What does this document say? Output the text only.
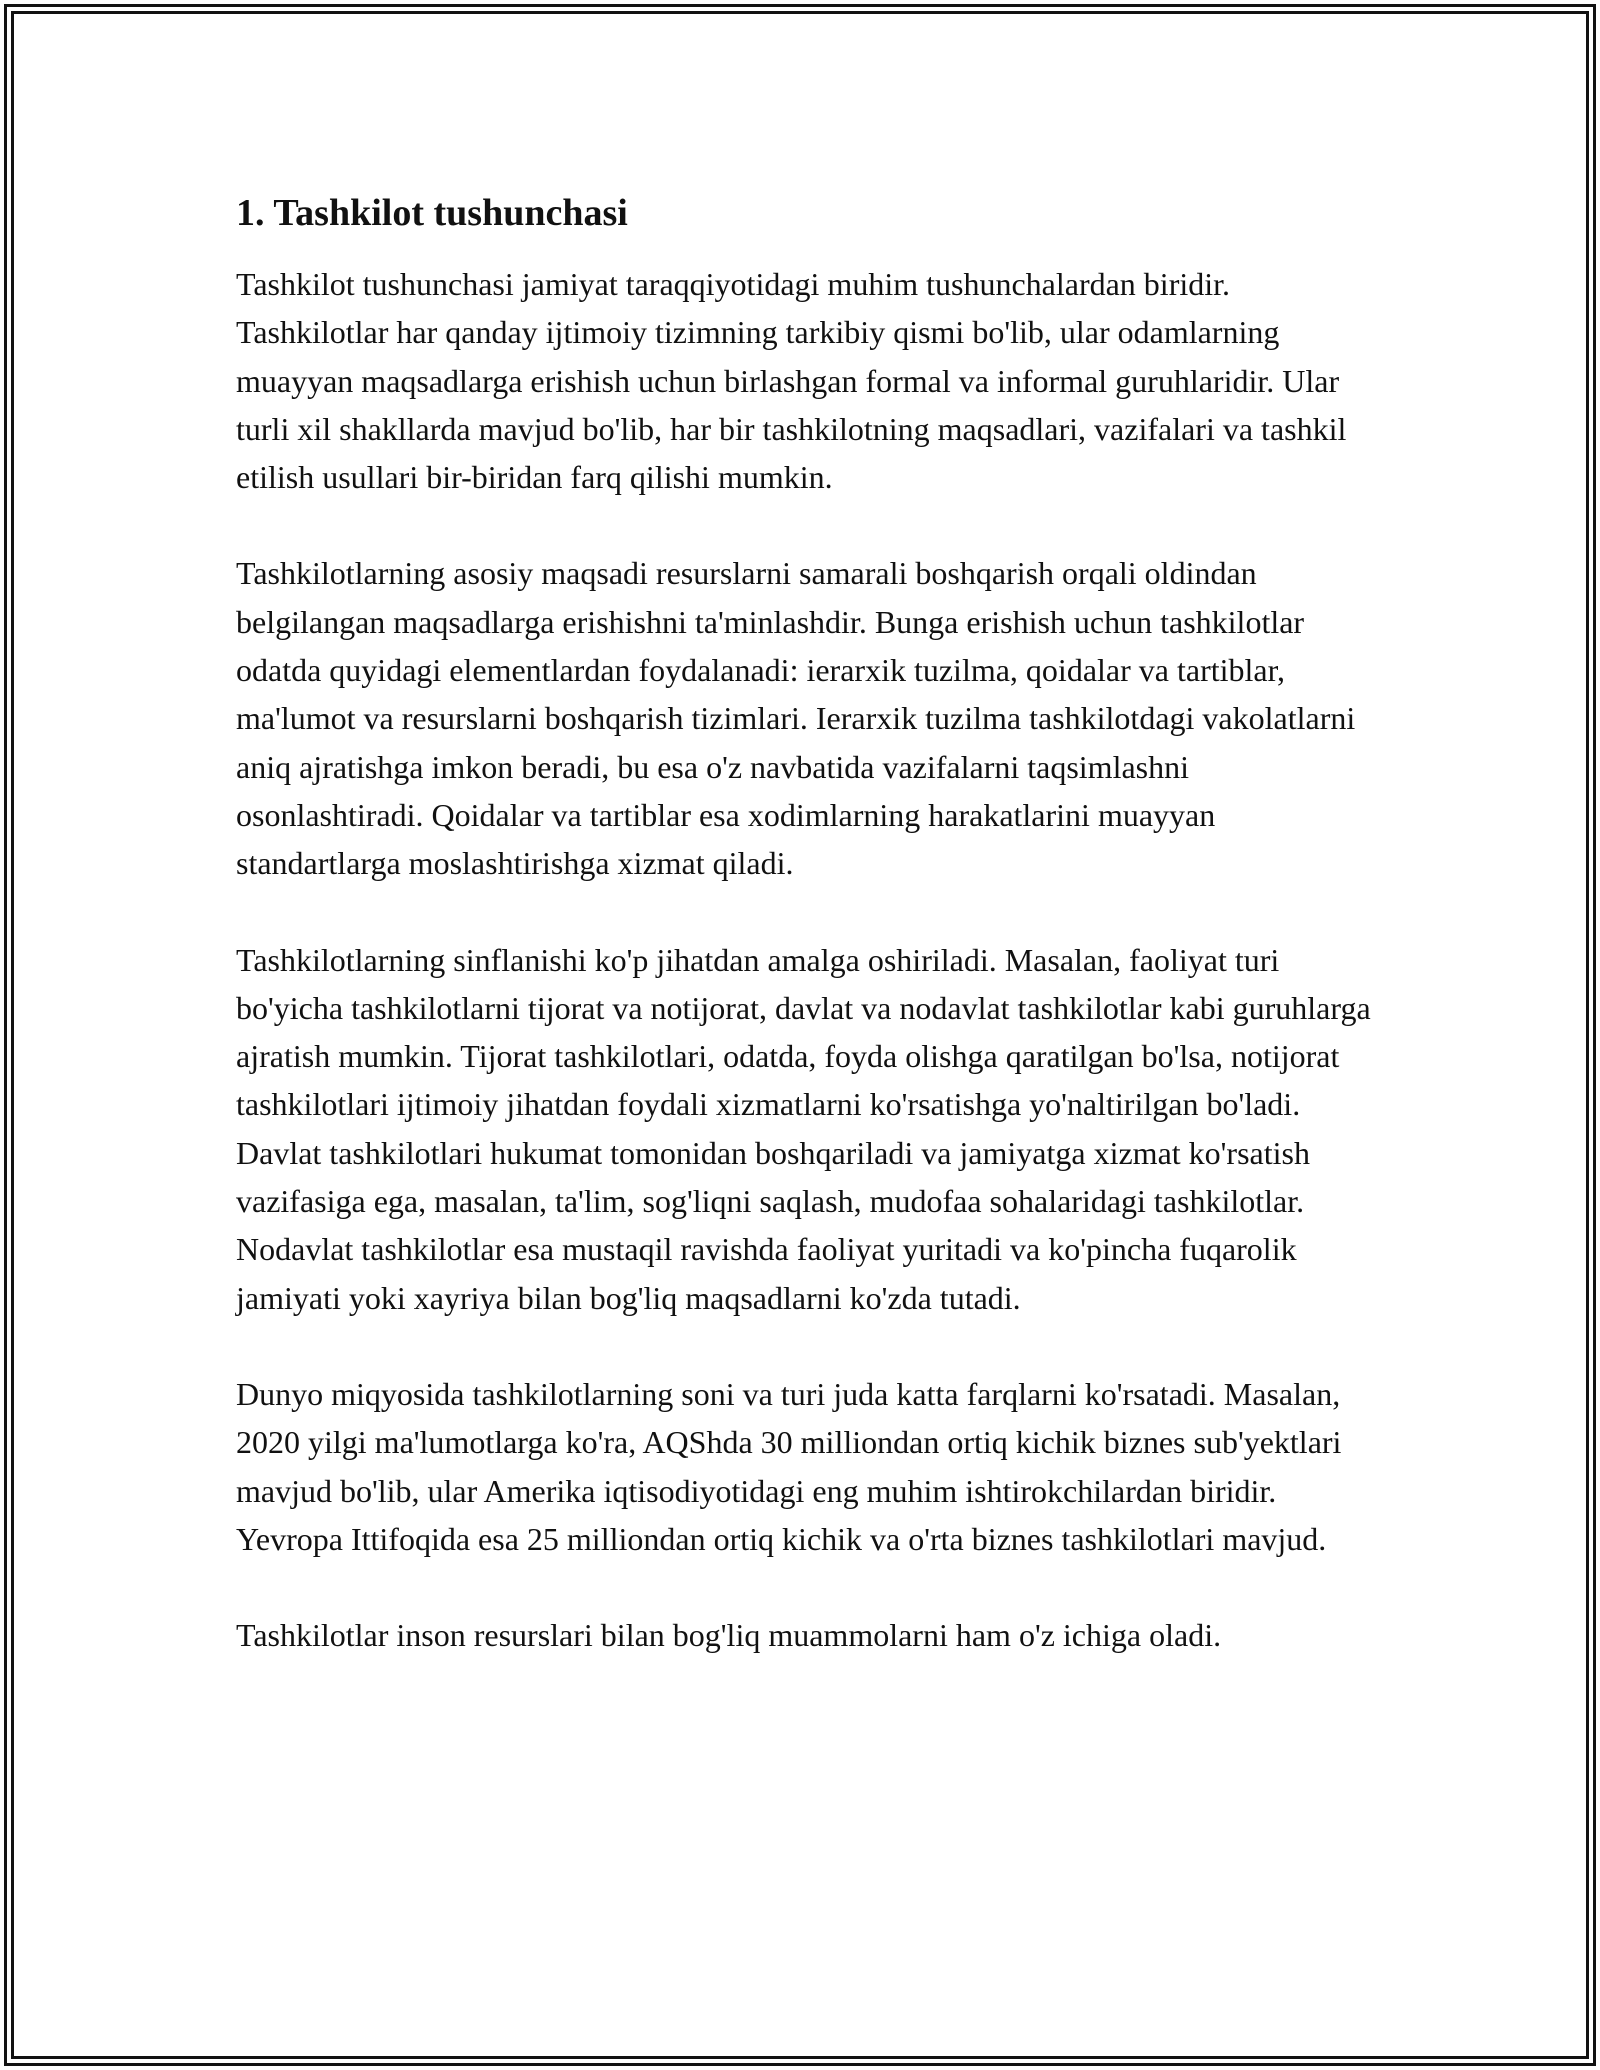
1. Tashkilot tushunchasi

Tashkilot tushunchasi jamiyat taraqqiyotidagi muhim tushunchalardan biridir. Tashkilotlar har qanday ijtimoiy tizimning tarkibiy qismi bo'lib, ular odamlarning muayyan maqsadlarga erishish uchun birlashgan formal va informal guruhlaridir. Ular turli xil shakllarda mavjud bo'lib, har bir tashkilotning maqsadlari, vazifalari va tashkil etilish usullari bir-biridan farq qilishi mumkin.

Tashkilotlarning asosiy maqsadi resurslarni samarali boshqarish orqali oldindan belgilangan maqsadlarga erishishni ta'minlashdir. Bunga erishish uchun tashkilotlar odatda quyidagi elementlardan foydalanadi: ierarxik tuzilma, qoidalar va tartiblar, ma'lumot va resurslarni boshqarish tizimlari. Ierarxik tuzilma tashkilotdagi vakolatlarni aniq ajratishga imkon beradi, bu esa o'z navbatida vazifalarni taqsimlashni osonlashtiradi. Qoidalar va tartiblar esa xodimlarning harakatlarini muayyan standartlarga moslashtirishga xizmat qiladi.

Tashkilotlarning sinflanishi ko'p jihatdan amalga oshiriladi. Masalan, faoliyat turi bo'yicha tashkilotlarni tijorat va notijorat, davlat va nodavlat tashkilotlar kabi guruhlarga ajratish mumkin. Tijorat tashkilotlari, odatda, foyda olishga qaratilgan bo'lsa, notijorat tashkilotlari ijtimoiy jihatdan foydali xizmatlarni ko'rsatishga yo'naltirilgan bo'ladi. Davlat tashkilotlari hukumat tomonidan boshqariladi va jamiyatga xizmat ko'rsatish vazifasiga ega, masalan, ta'lim, sog'liqni saqlash, mudofaa sohalaridagi tashkilotlar. Nodavlat tashkilotlar esa mustaqil ravishda faoliyat yuritadi va ko'pincha fuqarolik jamiyati yoki xayriya bilan bog'liq maqsadlarni ko'zda tutadi.

Dunyo miqyosida tashkilotlarning soni va turi juda katta farqlarni ko'rsatadi. Masalan, 2020 yilgi ma'lumotlarga ko'ra, AQShda 30 milliondan ortiq kichik biznes sub'yektlari mavjud bo'lib, ular Amerika iqtisodiyotidagi eng muhim ishtirokchilardan biridir. Yevropa Ittifoqida esa 25 milliondan ortiq kichik va o'rta biznes tashkilotlari mavjud.

Tashkilotlar inson resurslari bilan bog'liq muammolarni ham o'z ichiga oladi.
